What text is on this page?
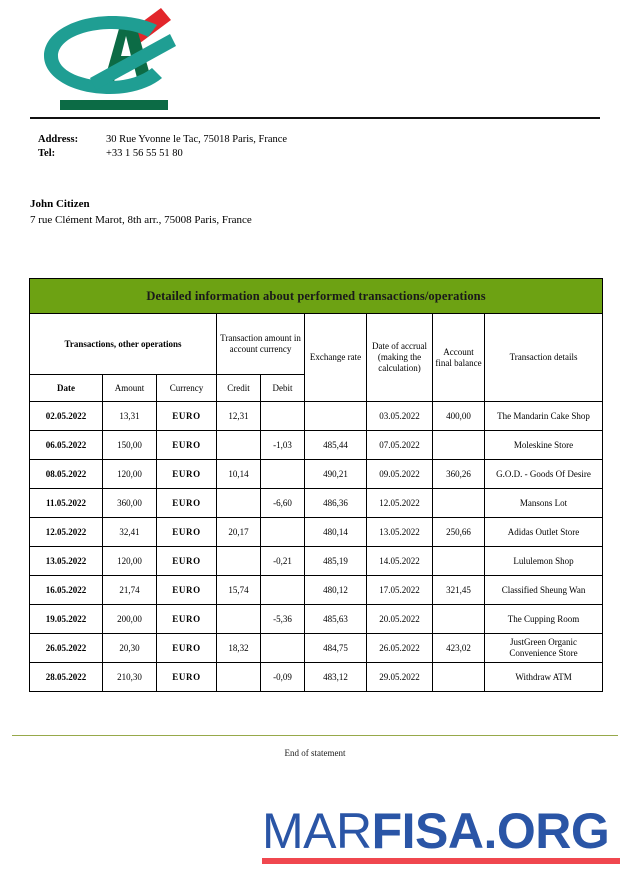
Address:	30 Rue Yvonne le Tac, 75018 Paris, France
Tel:	+33 1 56 55 51 80
John Citizen
7 rue Clément Marot, 8th arr., 75008 Paris, France
Detailed information about performed transactions/operations								
Transactions, other operations			Transaction amount in account currency		Exchange rate	Date of accrual (making the calculation)	Account final balance	Transaction details
Date	Amount	Currency	Credit	Debit				
02.05.2022	13,31	EURO	12,31			03.05.2022	400,00	The Mandarin Cake Shop
06.05.2022	150,00	EURO		-1,03	485,44	07.05.2022		Moleskine Store
08.05.2022	120,00	EURO	10,14		490,21	09.05.2022	360,26	G.O.D. - Goods Of Desire
11.05.2022	360,00	EURO		-6,60	486,36	12.05.2022		Mansons Lot
12.05.2022	32,41	EURO	20,17		480,14	13.05.2022	250,66	Adidas Outlet Store
13.05.2022	120,00	EURO		-0,21	485,19	14.05.2022		Lululemon Shop
16.05.2022	21,74	EURO	15,74		480,12	17.05.2022	321,45	Classified Sheung Wan
19.05.2022	200,00	EURO		-5,36	485,63	20.05.2022		The Cupping Room
26.05.2022	20,30	EURO	18,32		484,75	26.05.2022	423,02	JustGreen Organic Convenience Store
28.05.2022	210,30	EURO		-0,09	483,12	29.05.2022		Withdraw ATM
End of statement
MARFISA.ORG
